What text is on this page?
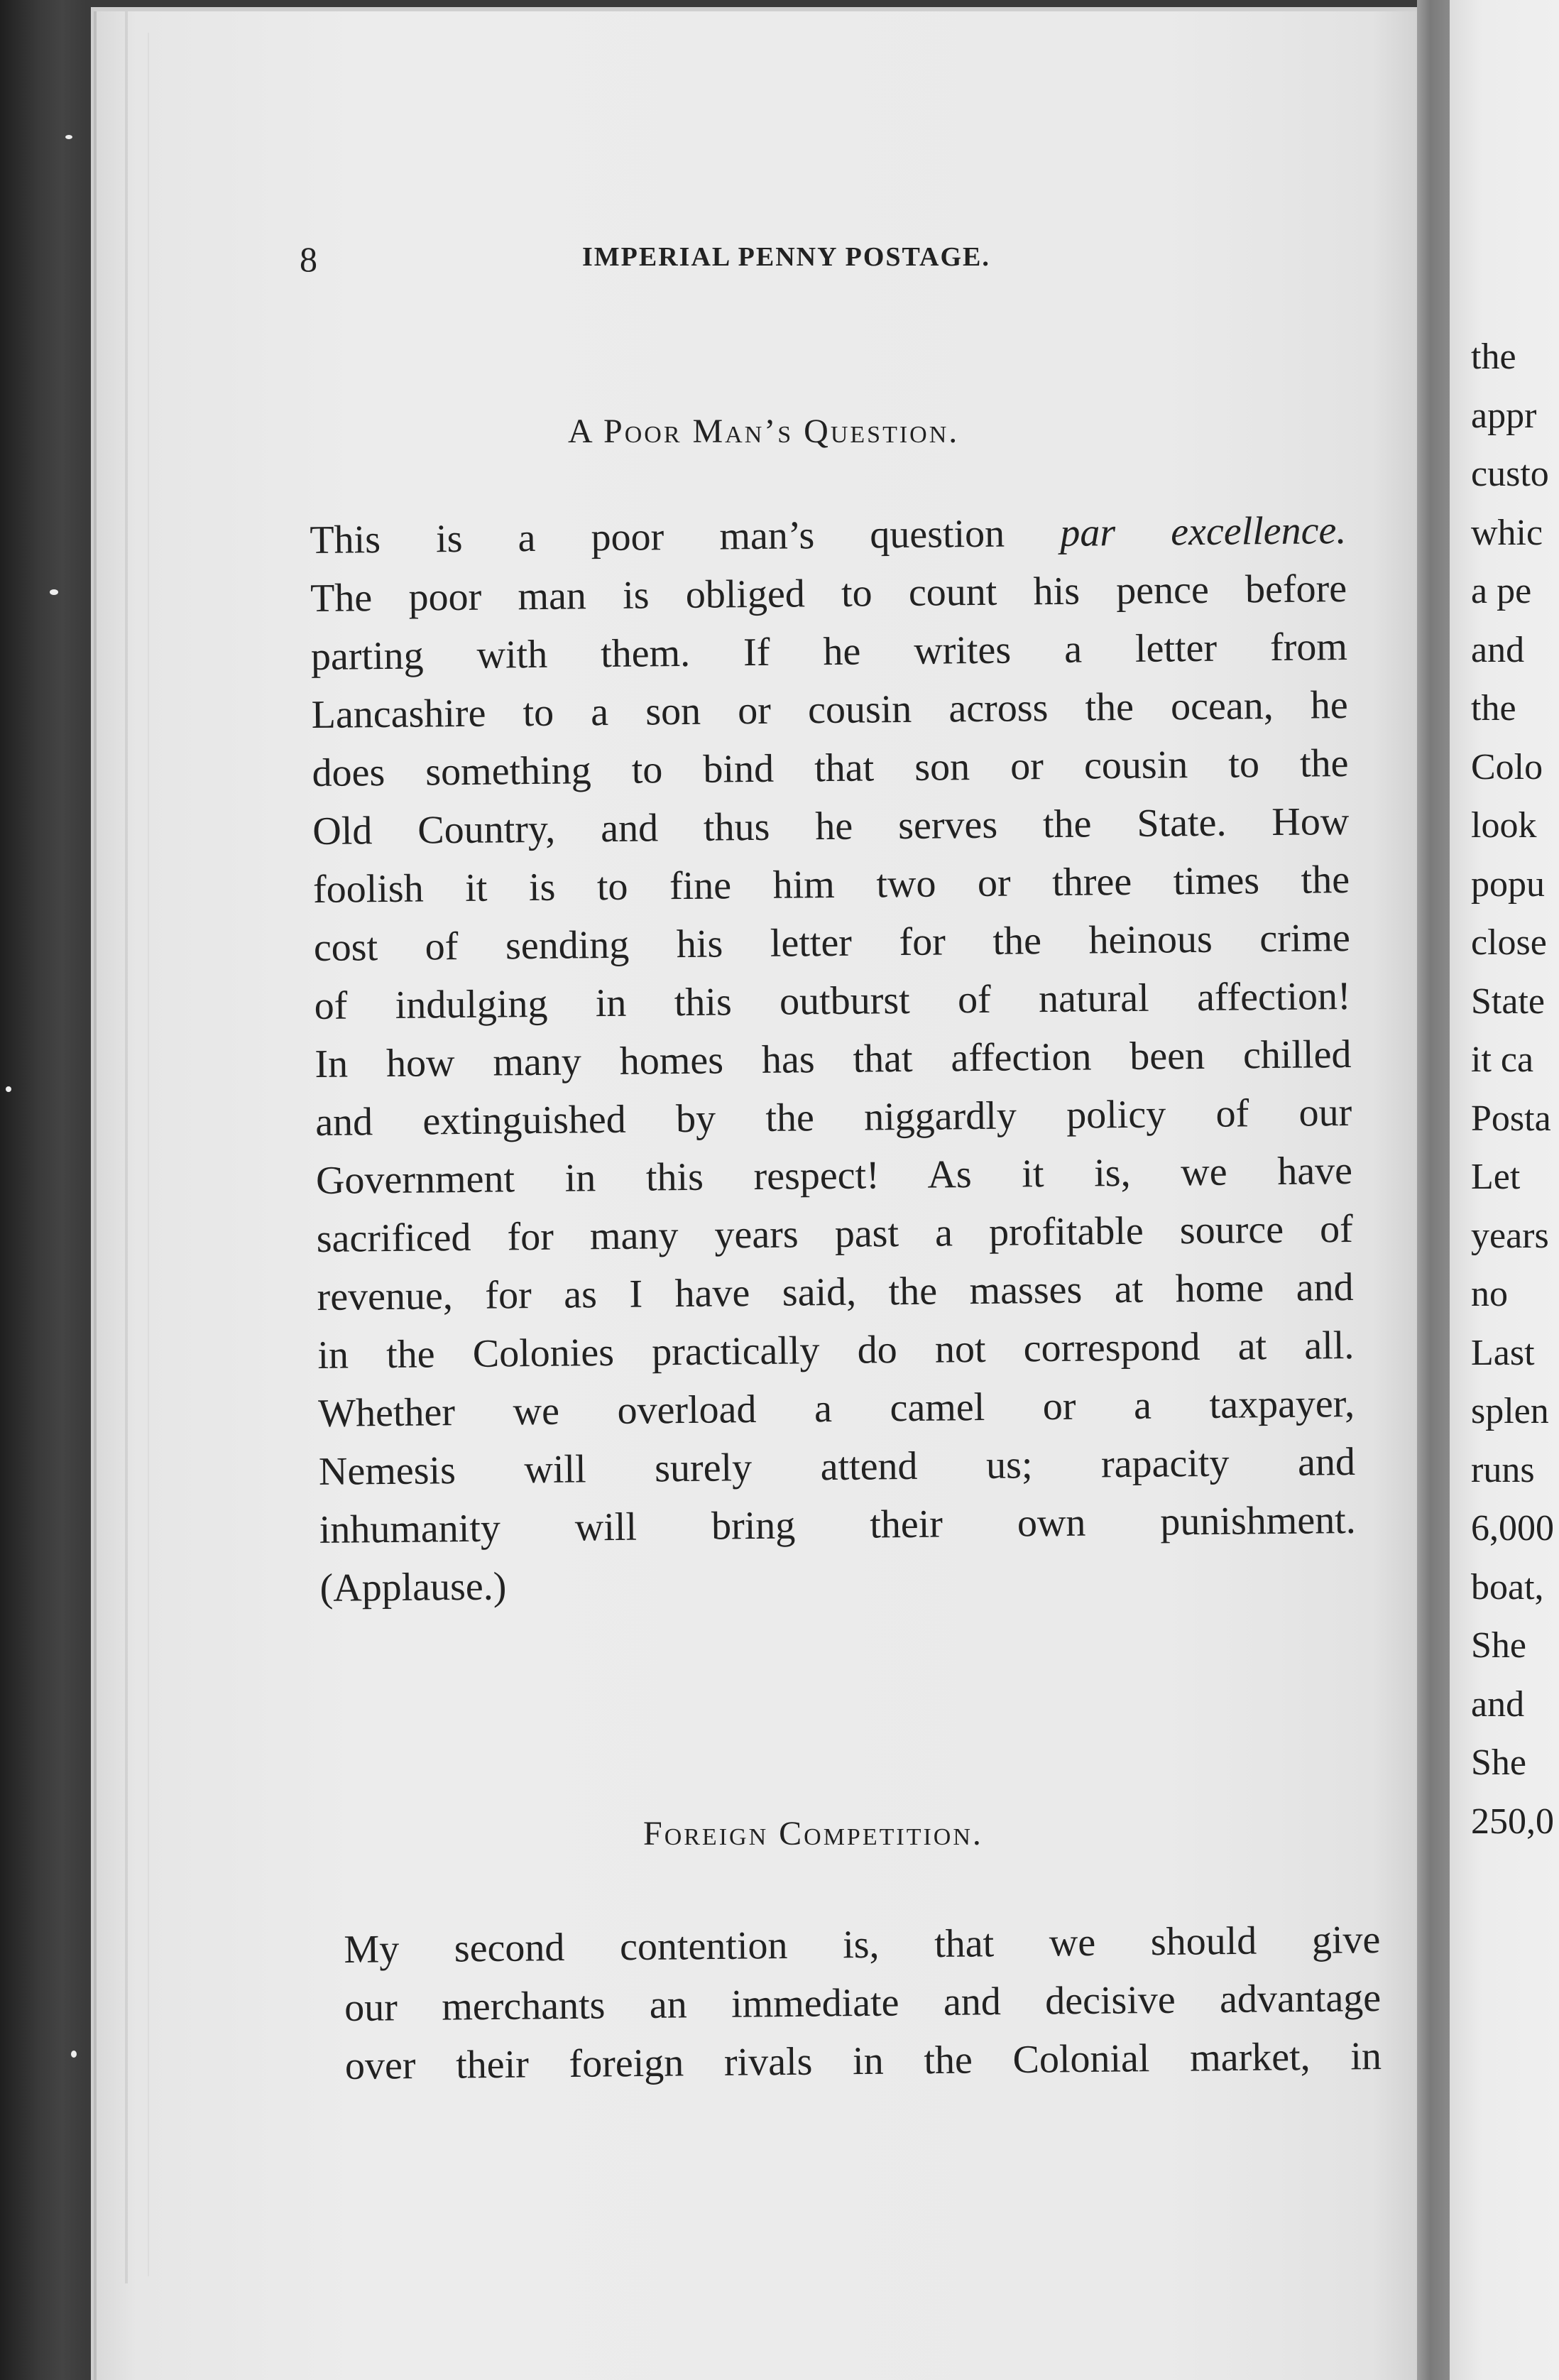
8	IMPERIAL PENNY POSTAGE.
A Poor Man’s Question.
This is a poor man’s question par excellence.
The poor man is obliged to count his pence before
parting with them. If he writes a letter from
Lancashire to a son or cousin across the ocean, he
does something to bind that son or cousin to the
Old Country, and thus he serves the State. How
foolish it is to fine him two or three times the
cost of sending his letter for the heinous crime
of indulging in this outburst of natural affection!
In how many homes has that affection been chilled
and extinguished by the niggardly policy of our
Government in this respect! As it is, we have
sacrificed for many years past a profitable source of
revenue, for as I have said, the masses at home and
in the Colonies practically do not correspond at all.
Whether we overload a camel or a taxpayer,
Nemesis will surely attend us; rapacity and
inhumanity will bring their own punishment.
(Applause.)
Foreign Competition.
My second contention is, that we should give
our merchants an immediate and decisive advantage
over their foreign rivals in the Colonial market, in
the
appr
custo
whic
a pe
and
the
Colo
look
popu
close
State
it ca
Posta
Let
years
no
Last
splen
runs
6,000
boat,
She
and
She
250,0
